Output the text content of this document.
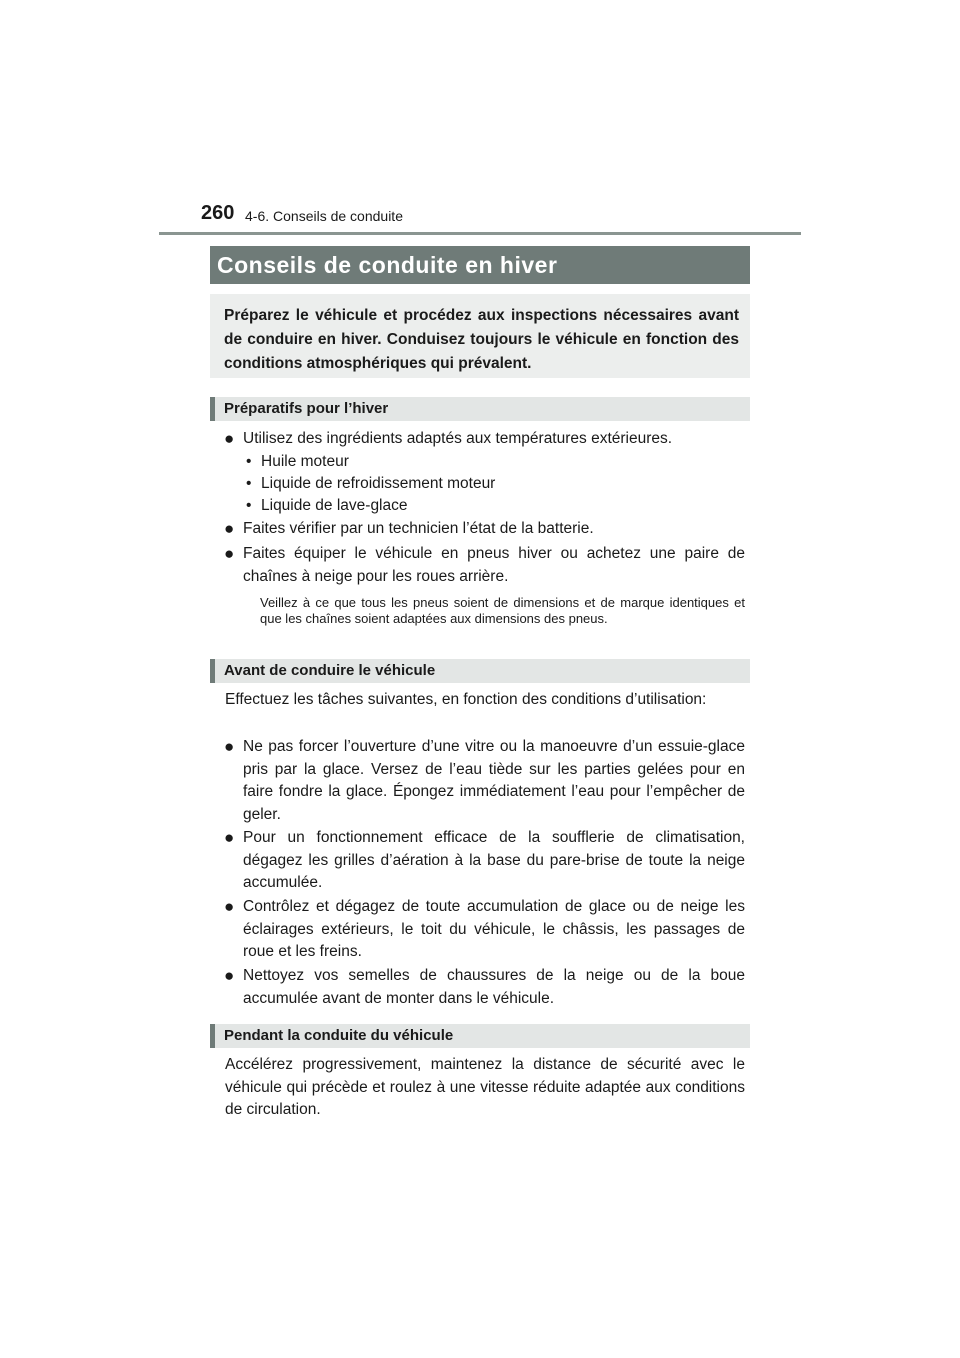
260 4-6. Conseils de conduite
Conseils de conduite en hiver
Préparez le véhicule et procédez aux inspections nécessaires avant de conduire en hiver. Conduisez toujours le véhicule en fonction des conditions atmosphériques qui prévalent.
Préparatifs pour l’hiver
● Utilisez des ingrédients adaptés aux températures extérieures.
• Huile moteur
• Liquide de refroidissement moteur
• Liquide de lave-glace
● Faites vérifier par un technicien l’état de la batterie.
● Faites équiper le véhicule en pneus hiver ou achetez une paire de chaînes à neige pour les roues arrière.
Veillez à ce que tous les pneus soient de dimensions et de marque identiques et que les chaînes soient adaptées aux dimensions des pneus.
Avant de conduire le véhicule
Effectuez les tâches suivantes, en fonction des conditions d’utilisation:
● Ne pas forcer l’ouverture d’une vitre ou la manoeuvre d’un essuie-glace pris par la glace. Versez de l’eau tiède sur les parties gelées pour en faire fondre la glace. Épongez immédiatement l’eau pour l’empêcher de geler.
● Pour un fonctionnement efficace de la soufflerie de climatisation, dégagez les grilles d’aération à la base du pare-brise de toute la neige accumulée.
● Contrôlez et dégagez de toute accumulation de glace ou de neige les éclairages extérieurs, le toit du véhicule, le châssis, les passages de roue et les freins.
● Nettoyez vos semelles de chaussures de la neige ou de la boue accumulée avant de monter dans le véhicule.
Pendant la conduite du véhicule
Accélérez progressivement, maintenez la distance de sécurité avec le véhicule qui précède et roulez à une vitesse réduite adaptée aux conditions de circulation.
